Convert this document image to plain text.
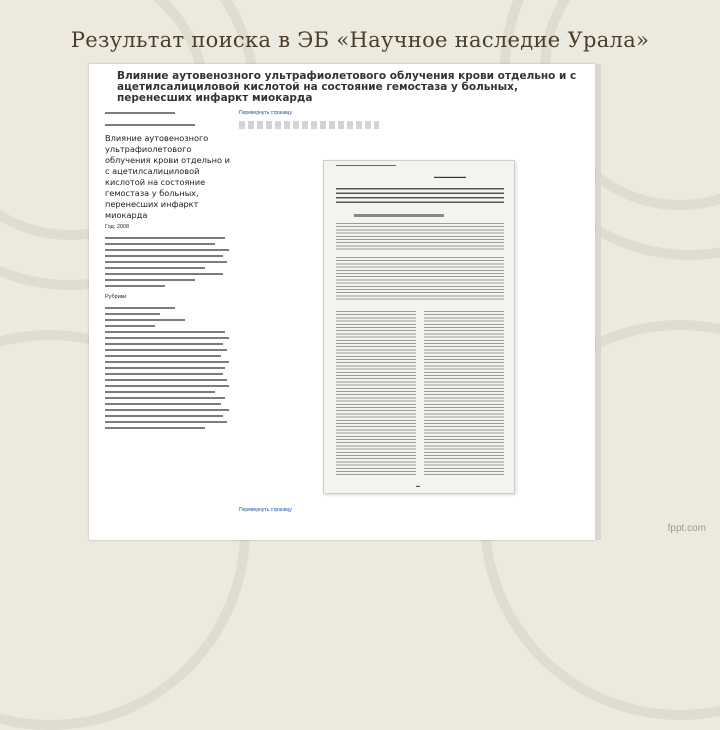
Результат поиска в ЭБ «Научное наследие Урала»
Влияние аутовенозного ультрафиолетового облучения крови отдельно и с ацетилсалициловой кислотой на состояние гемостаза у больных, перенесших инфаркт миокарда
Влияние аутовенозного ультрафиолетового облучения крови отдельно и с ацетилсалициловой кислотой на состояние гемостаза у больных, перенесших инфаркт миокарда
Год: 2008
Рубрики
Перевернуть страницу
▬▬▬▬▬▬▬▬▬▬▬▬▬▬▬▬▬▬▬▬
▬▬▬▬▬▬▬▬
▬
Перевернуть страницу
fppt.com
